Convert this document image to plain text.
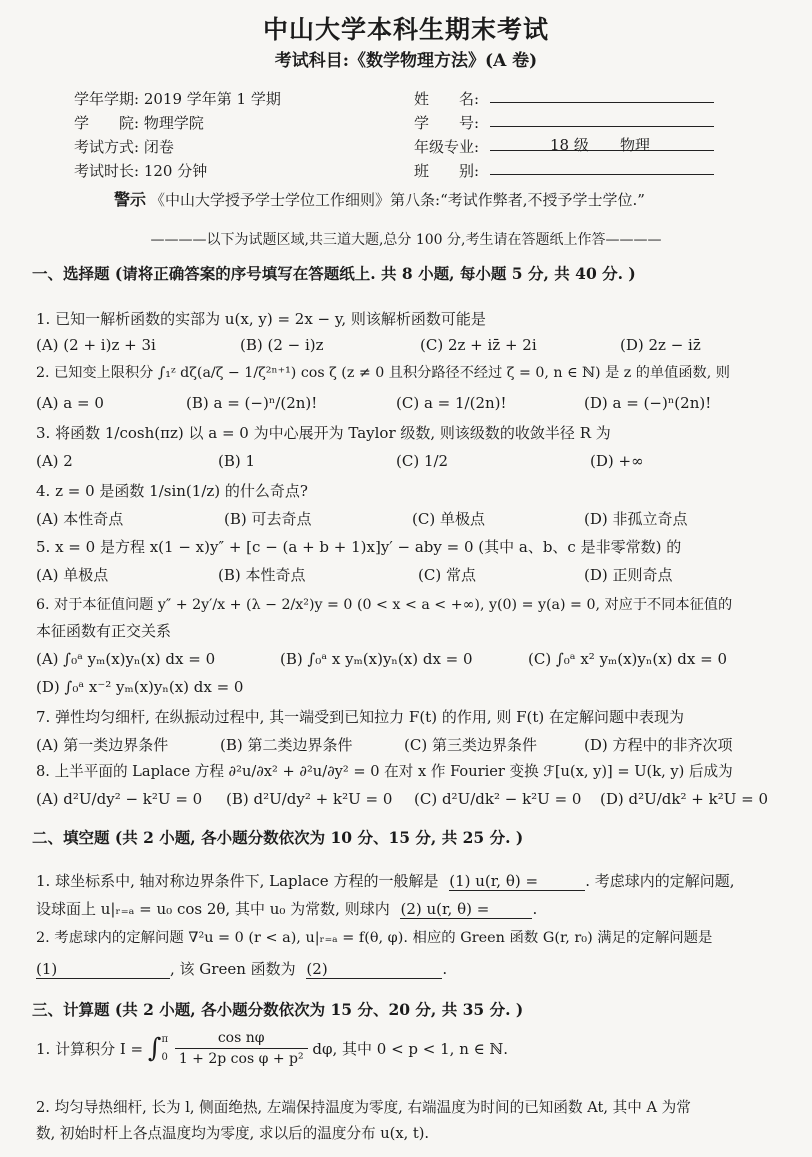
中山大学本科生期末考试
考试科目:《数学物理方法》(A 卷)
学年学期: 2019 学年第 1 学期
学　　院: 物理学院
考试方式: 闭卷
考试时长: 120 分钟
姓　　名:
学　　号:
年级专业:	18 级 物理
班　　别:
警示 《中山大学授予学士学位工作细则》第八条:“考试作弊者,不授予学士学位.”
————以下为试题区域,共三道大题,总分 100 分,考生请在答题纸上作答————
一、选择题 (请将正确答案的序号填写在答题纸上. 共 8 小题, 每小题 5 分, 共 40 分. )
1. 已知一解析函数的实部为 u(x, y) = 2x − y, 则该解析函数可能是
(A) (2 + i)z + 3i	(B) (2 − i)z	(C) 2z + iz̄ + 2i	(D) 2z − iz̄
2. 已知变上限积分 ∫₁ᶻ dζ(a/ζ − 1/ζ²ⁿ⁺¹) cos ζ (z ≠ 0 且积分路径不经过 ζ = 0, n ∈ ℕ) 是 z 的单值函数, 则
(A) a = 0	(B) a = (−)ⁿ/(2n)!	(C) a = 1/(2n)!	(D) a = (−)ⁿ(2n)!
3. 将函数 1/cosh(πz) 以 a = 0 为中心展开为 Taylor 级数, 则该级数的收敛半径 R 为
(A) 2	(B) 1	(C) 1/2	(D) +∞
4. z = 0 是函数 1/sin(1/z) 的什么奇点?
(A) 本性奇点	(B) 可去奇点	(C) 单极点	(D) 非孤立奇点
5. x = 0 是方程 x(1 − x)y″ + [c − (a + b + 1)x]y′ − aby = 0 (其中 a、b、c 是非零常数) 的
(A) 单极点	(B) 本性奇点	(C) 常点	(D) 正则奇点
6. 对于本征值问题 y″ + 2y′/x + (λ − 2/x²)y = 0 (0 < x < a < +∞), y(0) = y(a) = 0, 对应于不同本征值的
本征函数有正交关系
(A) ∫₀ᵃ yₘ(x)yₙ(x) dx = 0	(B) ∫₀ᵃ x yₘ(x)yₙ(x) dx = 0	(C) ∫₀ᵃ x² yₘ(x)yₙ(x) dx = 0
(D) ∫₀ᵃ x⁻² yₘ(x)yₙ(x) dx = 0
7. 弹性均匀细杆, 在纵振动过程中, 其一端受到已知拉力 F(t) 的作用, 则 F(t) 在定解问题中表现为
(A) 第一类边界条件	(B) 第二类边界条件	(C) 第三类边界条件	(D) 方程中的非齐次项
8. 上半平面的 Laplace 方程 ∂²u/∂x² + ∂²u/∂y² = 0 在对 x 作 Fourier 变换 ℱ[u(x, y)] = U(k, y) 后成为
(A) d²U/dy² − k²U = 0 (B) d²U/dy² + k²U = 0 (C) d²U/dk² − k²U = 0 (D) d²U/dk² + k²U = 0
二、填空题 (共 2 小题, 各小题分数依次为 10 分、15 分, 共 25 分. )
1. 球坐标系中, 轴对称边界条件下, Laplace 方程的一般解是 (1) u(r, θ) =	. 考虑球内的定解问题,
设球面上 u|ᵣ₌ₐ = u₀ cos 2θ, 其中 u₀ 为常数, 则球内 (2) u(r, θ) =	.
2. 考虑球内的定解问题 ∇²u = 0 (r < a), u|ᵣ₌ₐ = f(θ, φ). 相应的 Green 函数 G(r, r₀) 满足的定解问题是
(1)	, 该 Green 函数为 (2)	.
三、计算题 (共 2 小题, 各小题分数依次为 15 分、20 分, 共 35 分. )
1. 计算积分 I = ∫ π
0
$\frac{\text{cos nφ}}{\text{1 + 2p cos φ + p²}} d\varphi$, 其中 0 < p < 1, n ∈ ℕ.
2. 均匀导热细杆, 长为 l, 侧面绝热, 左端保持温度为零度, 右端温度为时间的已知函数 At, 其中 A 为常
数, 初始时杆上各点温度均为零度, 求以后的温度分布 u(x, t).
